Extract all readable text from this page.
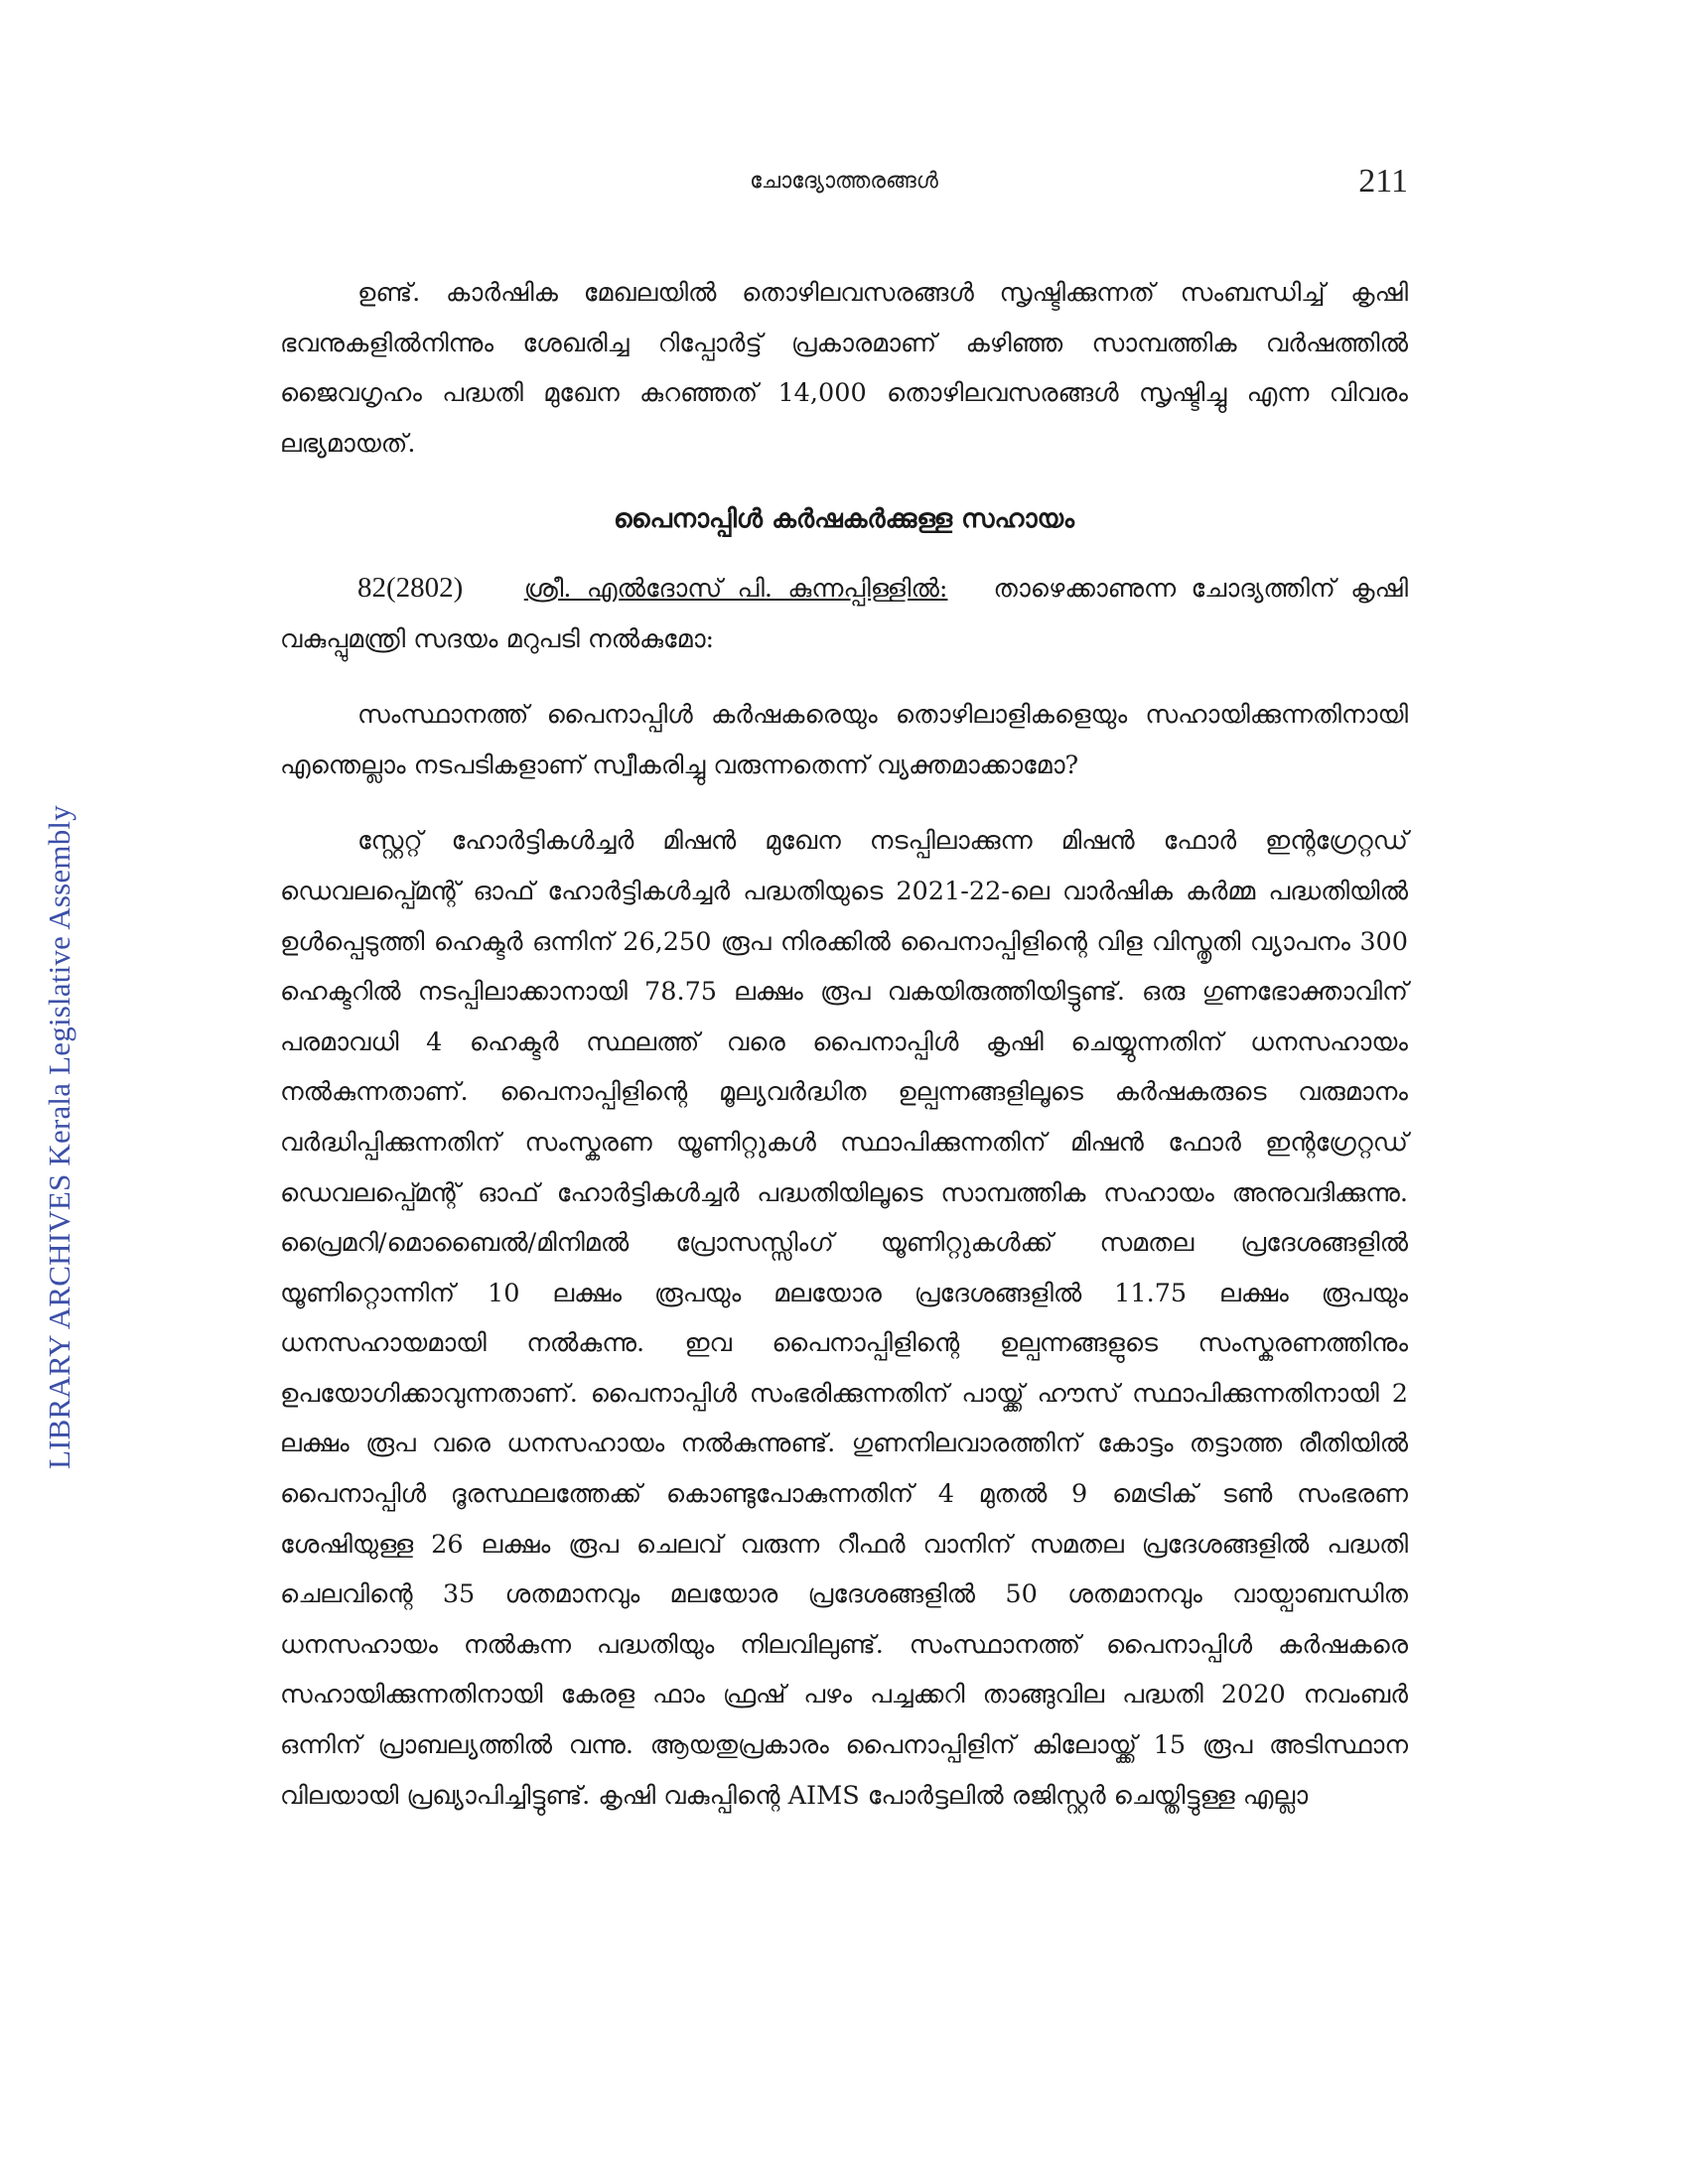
LIBRARY ARCHIVES Kerala Legislative Assembly
ചോദ്യോത്തരങ്ങൾ	211

ഉണ്ട്. കാർഷിക മേഖലയിൽ തൊഴിലവസരങ്ങൾ സൃഷ്ടിക്കുന്നത് സംബന്ധിച്ച് കൃഷി ഭവനുകളിൽനിന്നും ശേഖരിച്ച റിപ്പോർട്ട് പ്രകാരമാണ് കഴിഞ്ഞ സാമ്പത്തിക വർഷത്തിൽ ജൈവഗൃഹം പദ്ധതി മുഖേന കുറഞ്ഞത് 14,000 തൊഴിലവസരങ്ങൾ സൃഷ്ടിച്ചു എന്ന വിവരം ലഭ്യമായത്.

പൈനാപ്പിൾ കർഷകർക്കുള്ള സഹായം

82(2802) ശ്രീ. എൽദോസ് പി. കുന്നപ്പിള്ളിൽ: താഴെക്കാണുന്ന ചോദ്യത്തിന് കൃഷി വകുപ്പുമന്ത്രി സദയം മറുപടി നൽകുമോ:

സംസ്ഥാനത്ത് പൈനാപ്പിൾ കർഷകരെയും തൊഴിലാളികളെയും സഹായിക്കുന്നതിനായി എന്തെല്ലാം നടപടികളാണ് സ്വീകരിച്ചു വരുന്നതെന്ന് വ്യക്തമാക്കാമോ?

സ്റ്റേറ്റ് ഹോർട്ടികൾച്ചർ മിഷൻ മുഖേന നടപ്പിലാക്കുന്ന മിഷൻ ഫോർ ഇന്റഗ്രേറ്റഡ് ഡെവലപ്പ്മെന്റ് ഓഫ് ഹോർട്ടികൾച്ചർ പദ്ധതിയുടെ 2021-22-ലെ വാർഷിക കർമ്മ പദ്ധതിയിൽ ഉൾപ്പെടുത്തി ഹെക്ടർ ഒന്നിന് 26,250 രൂപ നിരക്കിൽ പൈനാപ്പിളിന്റെ വിള വിസ്തൃതി വ്യാപനം 300 ഹെക്ടറിൽ നടപ്പിലാക്കാനായി 78.75 ലക്ഷം രൂപ വകയിരുത്തിയിട്ടുണ്ട്. ഒരു ഗുണഭോക്താവിന് പരമാവധി 4 ഹെക്ടർ സ്ഥലത്ത് വരെ പൈനാപ്പിൾ കൃഷി ചെയ്യുന്നതിന് ധനസഹായം നൽകുന്നതാണ്. പൈനാപ്പിളിന്റെ മൂല്യവർദ്ധിത ഉല്പന്നങ്ങളിലൂടെ കർഷകരുടെ വരുമാനം വർദ്ധിപ്പിക്കുന്നതിന് സംസ്കരണ യൂണിറ്റുകൾ സ്ഥാപിക്കുന്നതിന് മിഷൻ ഫോർ ഇന്റഗ്രേറ്റഡ് ഡെവലപ്പ്മെന്റ് ഓഫ് ഹോർട്ടികൾച്ചർ പദ്ധതിയിലൂടെ സാമ്പത്തിക സഹായം അനുവദിക്കുന്നു. പ്രൈമറി/മൊബൈൽ/മിനിമൽ പ്രോസസ്സിംഗ് യൂണിറ്റുകൾക്ക് സമതല പ്രദേശങ്ങളിൽ യൂണിറ്റൊന്നിന് 10 ലക്ഷം രൂപയും മലയോര പ്രദേശങ്ങളിൽ 11.75 ലക്ഷം രൂപയും ധനസഹായമായി നൽകുന്നു. ഇവ പൈനാപ്പിളിന്റെ ഉല്പന്നങ്ങളുടെ സംസ്കരണത്തിനും ഉപയോഗിക്കാവുന്നതാണ്. പൈനാപ്പിൾ സംഭരിക്കുന്നതിന് പായ്ക്ക് ഹൗസ് സ്ഥാപിക്കുന്നതിനായി 2 ലക്ഷം രൂപ വരെ ധനസഹായം നൽകുന്നുണ്ട്. ഗുണനിലവാരത്തിന് കോട്ടം തട്ടാത്ത രീതിയിൽ പൈനാപ്പിൾ ദൂരസ്ഥലത്തേക്ക് കൊണ്ടുപോകുന്നതിന് 4 മുതൽ 9 മെട്രിക് ടൺ സംഭരണ ശേഷിയുള്ള 26 ലക്ഷം രൂപ ചെലവ് വരുന്ന റീഫർ വാനിന് സമതല പ്രദേശങ്ങളിൽ പദ്ധതി ചെലവിന്റെ 35 ശതമാനവും മലയോര പ്രദേശങ്ങളിൽ 50 ശതമാനവും വായ്പാബന്ധിത ധനസഹായം നൽകുന്ന പദ്ധതിയും നിലവിലുണ്ട്. സംസ്ഥാനത്ത് പൈനാപ്പിൾ കർഷകരെ സഹായിക്കുന്നതിനായി കേരള ഫാം ഫ്രഷ് പഴം പച്ചക്കറി താങ്ങുവില പദ്ധതി 2020 നവംബർ ഒന്നിന് പ്രാബല്യത്തിൽ വന്നു. ആയതുപ്രകാരം പൈനാപ്പിളിന് കിലോയ്ക്ക് 15 രൂപ അടിസ്ഥാന വിലയായി പ്രഖ്യാപിച്ചിട്ടുണ്ട്. കൃഷി വകുപ്പിന്റെ AIMS പോർട്ടലിൽ രജിസ്റ്റർ ചെയ്തിട്ടുള്ള എല്ലാ
